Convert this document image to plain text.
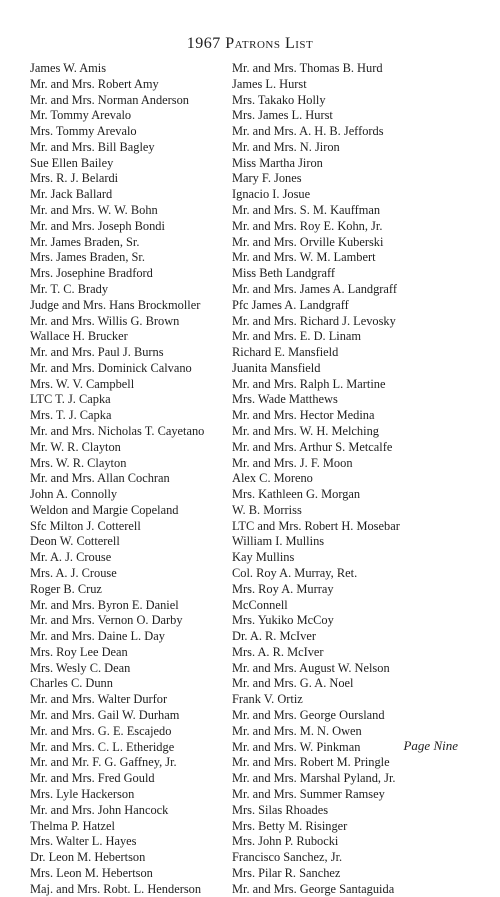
1967 Patrons List
James W. Amis
Mr. and Mrs. Robert Amy
Mr. and Mrs. Norman Anderson
Mr. Tommy Arevalo
Mrs. Tommy Arevalo
Mr. and Mrs. Bill Bagley
Sue Ellen Bailey
Mrs. R. J. Belardi
Mr. Jack Ballard
Mr. and Mrs. W. W. Bohn
Mr. and Mrs. Joseph Bondi
Mr. James Braden, Sr.
Mrs. James Braden, Sr.
Mrs. Josephine Bradford
Mr. T. C. Brady
Judge and Mrs. Hans Brockmoller
Mr. and Mrs. Willis G. Brown
Wallace H. Brucker
Mr. and Mrs. Paul J. Burns
Mr. and Mrs. Dominick Calvano
Mrs. W. V. Campbell
LTC T. J. Capka
Mrs. T. J. Capka
Mr. and Mrs. Nicholas T. Cayetano
Mr. W. R. Clayton
Mrs. W. R. Clayton
Mr. and Mrs. Allan Cochran
John A. Connolly
Weldon and Margie Copeland
Sfc Milton J. Cotterell
Deon W. Cotterell
Mr. A. J. Crouse
Mrs. A. J. Crouse
Roger B. Cruz
Mr. and Mrs. Byron E. Daniel
Mr. and Mrs. Vernon O. Darby
Mr. and Mrs. Daine L. Day
Mrs. Roy Lee Dean
Mrs. Wesly C. Dean
Charles C. Dunn
Mr. and Mrs. Walter Durfor
Mr. and Mrs. Gail W. Durham
Mr. and Mrs. G. E. Escajedo
Mr. and Mrs. C. L. Etheridge
Mr. and Mr. F. G. Gaffney, Jr.
Mr. and Mrs. Fred Gould
Mrs. Lyle Hackerson
Mr. and Mrs. John Hancock
Thelma P. Hatzel
Mrs. Walter L. Hayes
Dr. Leon M. Hebertson
Mrs. Leon M. Hebertson
Maj. and Mrs. Robt. L. Henderson
Mr. and Mrs. Thomas B. Hurd
James L. Hurst
Mrs. Takako Holly
Mrs. James L. Hurst
Mr. and Mrs. A. H. B. Jeffords
Mr. and Mrs. N. Jiron
Miss Martha Jiron
Mary F. Jones
Ignacio I. Josue
Mr. and Mrs. S. M. Kauffman
Mr. and Mrs. Roy E. Kohn, Jr.
Mr. and Mrs. Orville Kuberski
Mr. and Mrs. W. M. Lambert
Miss Beth Landgraff
Mr. and Mrs. James A. Landgraff
Pfc James A. Landgraff
Mr. and Mrs. Richard J. Levosky
Mr. and Mrs. E. D. Linam
Richard E. Mansfield
Juanita Mansfield
Mr. and Mrs. Ralph L. Martine
Mrs. Wade Matthews
Mr. and Mrs. Hector Medina
Mr. and Mrs. W. H. Melching
Mr. and Mrs. Arthur S. Metcalfe
Mr. and Mrs. J. F. Moon
Alex C. Moreno
Mrs. Kathleen G. Morgan
W. B. Morriss
LTC and Mrs. Robert H. Mosebar
William I. Mullins
Kay Mullins
Col. Roy A. Murray, Ret.
Mrs. Roy A. Murray
McConnell
Mrs. Yukiko McCoy
Dr. A. R. McIver
Mrs. A. R. McIver
Mr. and Mrs. August W. Nelson
Mr. and Mrs. G. A. Noel
Frank V. Ortiz
Mr. and Mrs. George Oursland
Mr. and Mrs. M. N. Owen
Mr. and Mrs. W. Pinkman
Mr. and Mrs. Robert M. Pringle
Mr. and Mrs. Marshal Pyland, Jr.
Mr. and Mrs. Summer Ramsey
Mrs. Silas Rhoades
Mrs. Betty M. Risinger
Mrs. John P. Rubocki
Francisco Sanchez, Jr.
Mrs. Pilar R. Sanchez
Mr. and Mrs. George Santaguida
Page Nine
